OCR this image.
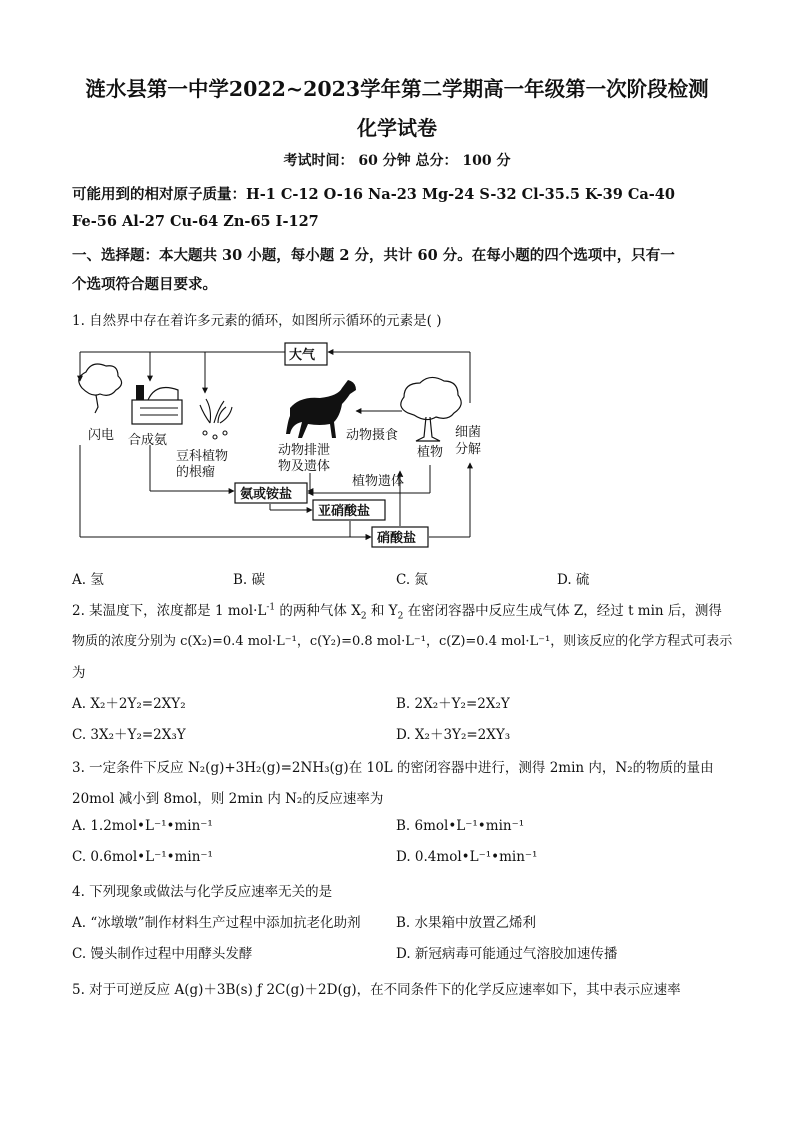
涟水县第一中学2022~2023学年第二学期高一年级第一次阶段检测
化学试卷
考试时间： 60 分钟 总分： 100 分
可能用到的相对原子质量：H-1 C-12 O-16 Na-23 Mg-24 S-32 Cl-35.5 K-39 Ca-40
Fe-56 Al-27 Cu-64 Zn-65 I-127
一、选择题：本大题共 30 小题，每小题 2 分，共计 60 分。在每小题的四个选项中，只有一
个选项符合题目要求。
1. 自然界中存在着许多元素的循环，如图所示循环的元素是( )
大气
闪电 合成氨
豆科植物
的根瘤
动物排泄
物及遗体
动物摄食
植物
细菌
分解
植物遗体
氨或铵盐
亚硝酸盐
硝酸盐
A. 氢	B. 碳	C. 氮	D. 硫
2. 某温度下，浓度都是 1 $mol\cdot L^{-1}$ 的两种气体 $X_2$ 和 $Y_2$ 在密闭容器中反应生成气体 Z，经过 t min 后，测得
物质的浓度分别为 c(X₂)=0.4 mol·L⁻¹，c(Y₂)=0.8 mol·L⁻¹，c(Z)=0.4 mol·L⁻¹，则该反应的化学方程式可表示
为
A. X₂＋2Y₂=2XY₂	B. 2X₂＋Y₂=2X₂Y
C. 3X₂＋Y₂=2X₃Y	D. X₂＋3Y₂=2XY₃
3. 一定条件下反应 N₂(g)+3H₂(g)=2NH₃(g)在 10L 的密闭容器中进行，测得 2min 内，N₂的物质的量由
20mol 减小到 8mol，则 2min 内 N₂的反应速率为
A. 1.2mol•L⁻¹•min⁻¹	B. 6mol•L⁻¹•min⁻¹
C. 0.6mol•L⁻¹•min⁻¹	D. 0.4mol•L⁻¹•min⁻¹
4. 下列现象或做法与化学反应速率无关的是
A. “冰墩墩”制作材料生产过程中添加抗老化助剂	B. 水果箱中放置乙烯利
C. 馒头制作过程中用酵头发酵	D. 新冠病毒可能通过气溶胶加速传播
5. 对于可逆反应 A(g)＋3B(s) ƒ 2C(g)＋2D(g)，在不同条件下的化学反应速率如下，其中表示应速率
